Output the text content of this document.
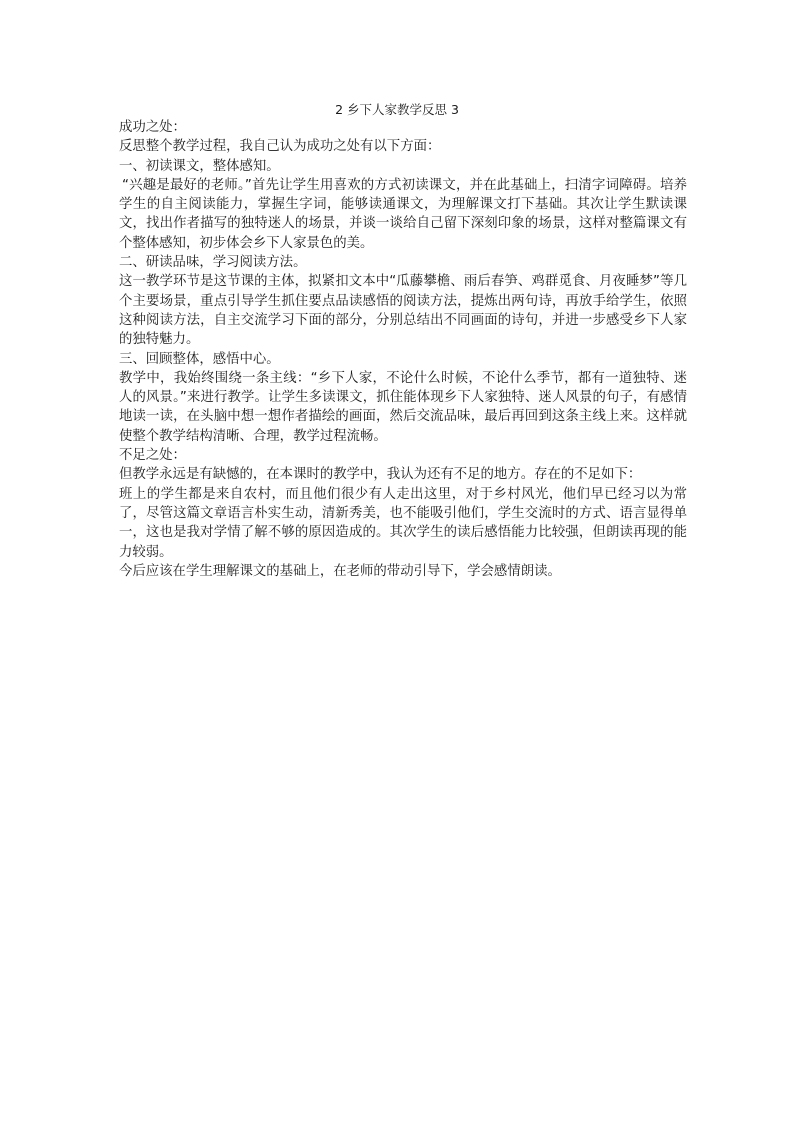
2 乡下人家教学反思 3

成功之处：

反思整个教学过程，我自己认为成功之处有以下方面：

一、初读课文，整体感知。

“兴趣是最好的老师。”首先让学生用喜欢的方式初读课文，并在此基础上，扫清字词障碍。培养学生的自主阅读能力，掌握生字词，能够读通课文，为理解课文打下基础。其次让学生默读课文，找出作者描写的独特迷人的场景，并谈一谈给自己留下深刻印象的场景，这样对整篇课文有个整体感知，初步体会乡下人家景色的美。

二、研读品味，学习阅读方法。

这一教学环节是这节课的主体，拟紧扣文本中“瓜藤攀檐、雨后春笋、鸡群觅食、月夜睡梦”等几个主要场景，重点引导学生抓住要点品读感悟的阅读方法，提炼出两句诗，再放手给学生，依照这种阅读方法，自主交流学习下面的部分，分别总结出不同画面的诗句，并进一步感受乡下人家的独特魅力。

三、回顾整体，感悟中心。

教学中，我始终围绕一条主线：“乡下人家，不论什么时候，不论什么季节，都有一道独特、迷人的风景。”来进行教学。让学生多读课文，抓住能体现乡下人家独特、迷人风景的句子，有感情地读一读，在头脑中想一想作者描绘的画面，然后交流品味，最后再回到这条主线上来。这样就使整个教学结构清晰、合理，教学过程流畅。

不足之处：

但教学永远是有缺憾的，在本课时的教学中，我认为还有不足的地方。存在的不足如下：

班上的学生都是来自农村，而且他们很少有人走出这里，对于乡村风光，他们早已经习以为常了，尽管这篇文章语言朴实生动，清新秀美，也不能吸引他们，学生交流时的方式、语言显得单一，这也是我对学情了解不够的原因造成的。其次学生的读后感悟能力比较强，但朗读再现的能力较弱。

今后应该在学生理解课文的基础上，在老师的带动引导下，学会感情朗读。
